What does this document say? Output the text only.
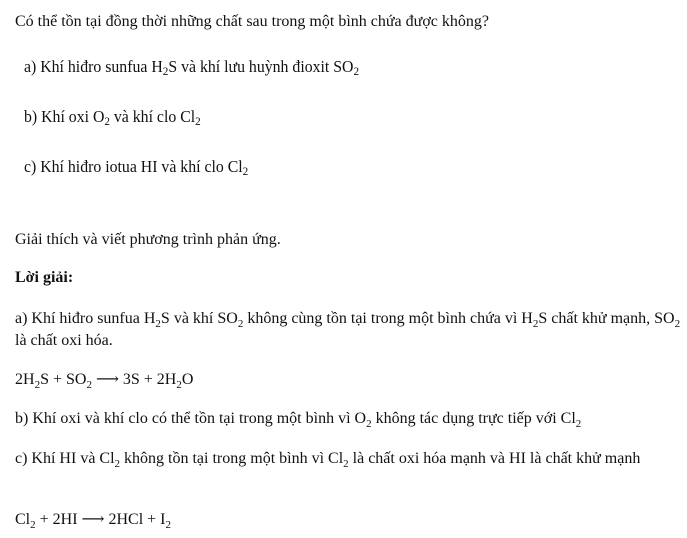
Có thể tồn tại đồng thời những chất sau trong một bình chứa được không?
a) Khí hiđro sunfua H2S và khí lưu huỳnh đioxit SO2
b) Khí oxi O2 và khí clo Cl2
c) Khí hiđro iotua HI và khí clo Cl2
Giải thích và viết phương trình phản ứng.
Lời giải:
a) Khí hiđro sunfua $H_2S$ và khí $SO_2$ không cùng tồn tại trong một bình chứa vì $H_2S$ chất khử mạnh, $SO_2$ là chất oxi hóa.
$2H_2S + SO_2$ ⟶ $3S + 2H_2O$
b) Khí oxi và khí clo có thể tồn tại trong một bình vì $O_2$ không tác dụng trực tiếp với $Cl_2$
c) Khí HI và $Cl_2$ không tồn tại trong một bình vì $Cl_2$ là chất oxi hóa mạnh và HI là chất khử mạnh
$Cl_2 + 2HI$ ⟶ $2HCl + I_2$
